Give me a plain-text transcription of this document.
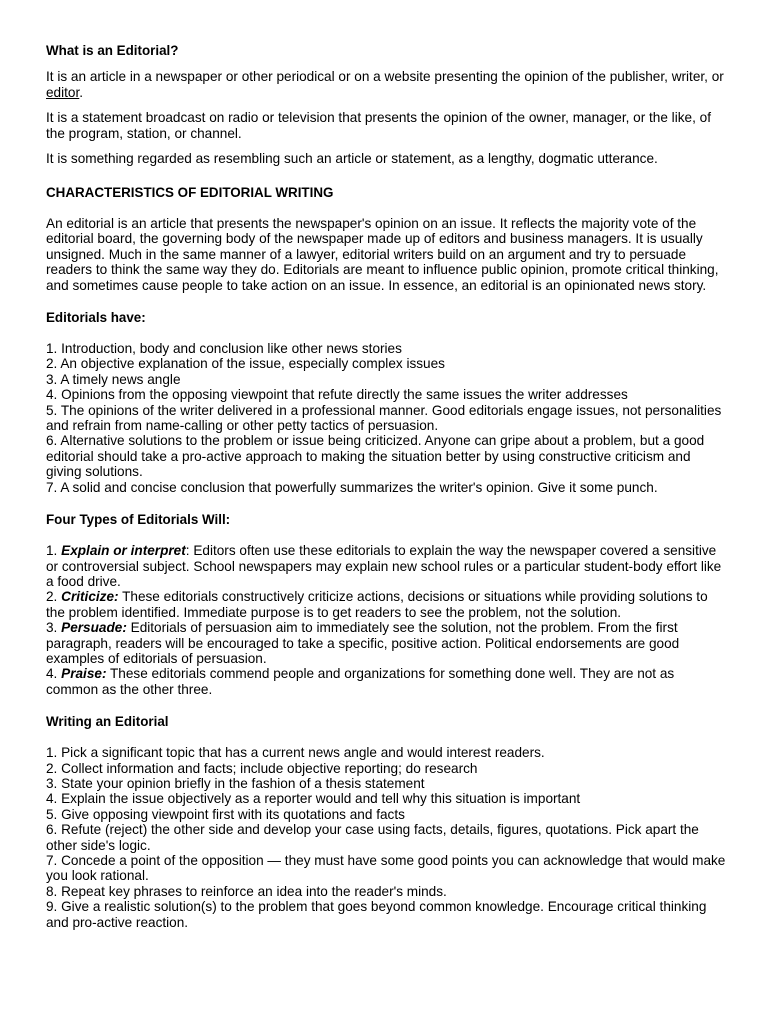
What is an Editorial?

It is an article in a newspaper or other periodical or on a website presenting the opinion of the publisher, writer, or editor.

It is a statement broadcast on radio or television that presents the opinion of the owner, manager, or the like, of the program, station, or channel.

It is something regarded as resembling such an article or statement, as a lengthy, dogmatic utterance.

CHARACTERISTICS OF EDITORIAL WRITING

An editorial is an article that presents the newspaper's opinion on an issue. It reflects the majority vote of the editorial board, the governing body of the newspaper made up of editors and business managers. It is usually unsigned. Much in the same manner of a lawyer, editorial writers build on an argument and try to persuade readers to think the same way they do. Editorials are meant to influence public opinion, promote critical thinking, and sometimes cause people to take action on an issue. In essence, an editorial is an opinionated news story.

Editorials have:

1. Introduction, body and conclusion like other news stories

2. An objective explanation of the issue, especially complex issues

3. A timely news angle

4. Opinions from the opposing viewpoint that refute directly the same issues the writer addresses

5. The opinions of the writer delivered in a professional manner. Good editorials engage issues, not personalities and refrain from name-calling or other petty tactics of persuasion.

6. Alternative solutions to the problem or issue being criticized. Anyone can gripe about a problem, but a good editorial should take a pro-active approach to making the situation better by using constructive criticism and giving solutions.

7. A solid and concise conclusion that powerfully summarizes the writer's opinion. Give it some punch.

Four Types of Editorials Will:

1. Explain or interpret: Editors often use these editorials to explain the way the newspaper covered a sensitive or controversial subject. School newspapers may explain new school rules or a particular student-body effort like a food drive.

2. Criticize: These editorials constructively criticize actions, decisions or situations while providing solutions to the problem identified. Immediate purpose is to get readers to see the problem, not the solution.

3. Persuade: Editorials of persuasion aim to immediately see the solution, not the problem. From the first paragraph, readers will be encouraged to take a specific, positive action. Political endorsements are good examples of editorials of persuasion.

4. Praise: These editorials commend people and organizations for something done well. They are not as common as the other three.

Writing an Editorial

1. Pick a significant topic that has a current news angle and would interest readers.

2. Collect information and facts; include objective reporting; do research

3. State your opinion briefly in the fashion of a thesis statement

4. Explain the issue objectively as a reporter would and tell why this situation is important

5. Give opposing viewpoint first with its quotations and facts

6. Refute (reject) the other side and develop your case using facts, details, figures, quotations. Pick apart the other side's logic.

7. Concede a point of the opposition — they must have some good points you can acknowledge that would make you look rational.

8. Repeat key phrases to reinforce an idea into the reader's minds.

9. Give a realistic solution(s) to the problem that goes beyond common knowledge. Encourage critical thinking and pro-active reaction.
